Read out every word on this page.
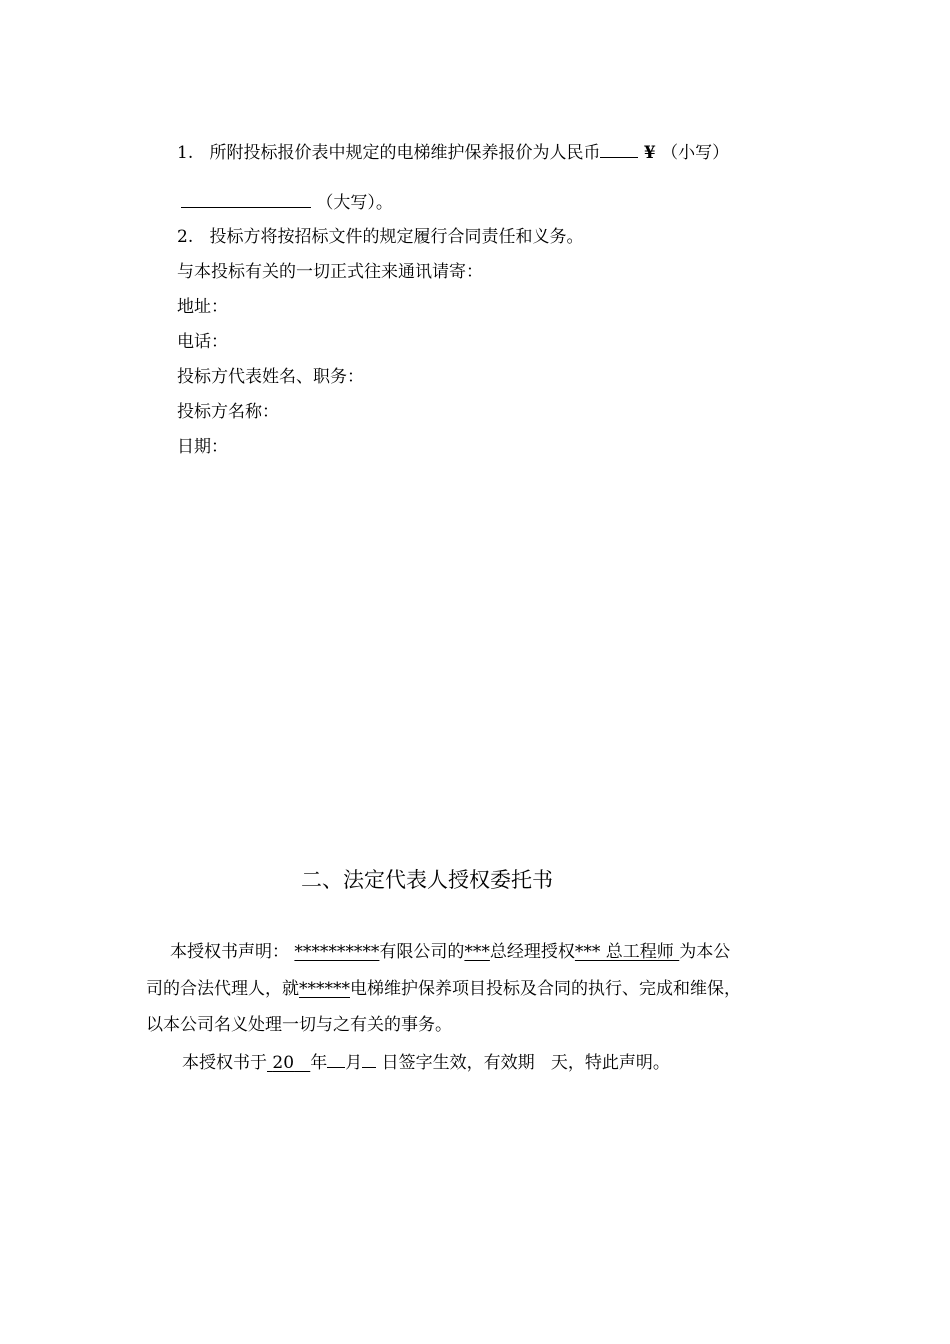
1. 所附投标报价表中规定的电梯维护保养报价为人民币	¥ （小写）
（大写）。
2. 投标方将按招标文件的规定履行合同责任和义务。
与本投标有关的一切正式往来通讯请寄：
地址：
电话：
投标方代表姓名、职务：
投标方名称：
日期：
二、法定代表人授权委托书
本授权书声明： **********有限公司的***总经理授权*** 总工程师 为本公
司的合法代理人，就******电梯维护保养项目投标及合同的执行、完成和维保，
以本公司名义处理一切与之有关的事务。
本授权书于 20 年 月 日签字生效，有效期 天，特此声明。
